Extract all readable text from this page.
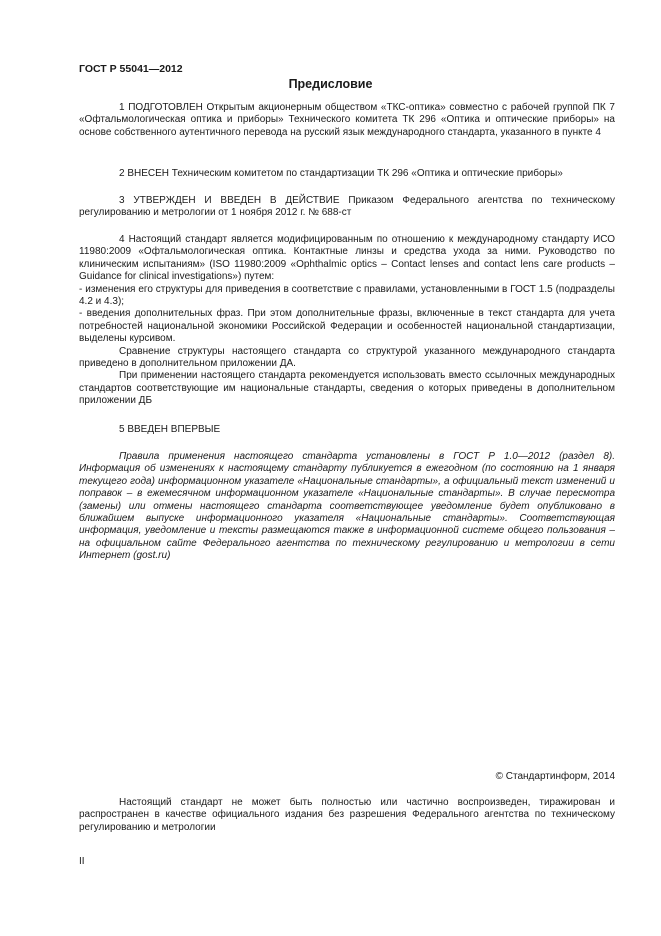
ГОСТ Р 55041—2012
Предисловие

1 ПОДГОТОВЛЕН Открытым акционерным обществом «ТКС-оптика» совместно с рабочей группой ПК 7 «Офтальмологическая оптика и приборы» Технического комитета ТК 296 «Оптика и оптические приборы» на основе собственного аутентичного перевода на русский язык международного стандарта, указанного в пункте 4

2 ВНЕСЕН Техническим комитетом по стандартизации ТК 296 «Оптика и оптические приборы»

3 УТВЕРЖДЕН И ВВЕДЕН В ДЕЙСТВИЕ Приказом Федерального агентства по техническому регулированию и метрологии от 1 ноября 2012 г. № 688-ст

4 Настоящий стандарт является модифицированным по отношению к международному стандарту ИСО 11980:2009 «Офтальмологическая оптика. Контактные линзы и средства ухода за ними. Руководство по клиническим испытаниям» (ISO 11980:2009 «Ophthalmic optics – Contact lenses and contact lens care products – Guidance for clinical investigations») путем:

- изменения его структуры для приведения в соответствие с правилами, установленными в ГОСТ 1.5 (подразделы 4.2 и 4.3);

- введения дополнительных фраз. При этом дополнительные фразы, включенные в текст стандарта для учета потребностей национальной экономики Российской Федерации и особенностей национальной стандартизации, выделены курсивом.

Сравнение структуры настоящего стандарта со структурой указанного международного стандарта приведено в дополнительном приложении ДА.

При применении настоящего стандарта рекомендуется использовать вместо ссылочных международных стандартов соответствующие им национальные стандарты, сведения о которых приведены в дополнительном приложении ДБ

5 ВВЕДЕН ВПЕРВЫЕ

Правила применения настоящего стандарта установлены в ГОСТ Р 1.0—2012 (раздел 8). Информация об изменениях к настоящему стандарту публикуется в ежегодном (по состоянию на 1 января текущего года) информационном указателе «Национальные стандарты», а официальный текст изменений и поправок – в ежемесячном информационном указателе «Национальные стандарты». В случае пересмотра (замены) или отмены настоящего стандарта соответствующее уведомление будет опубликовано в ближайшем выпуске информационного указателя «Национальные стандарты». Соответствующая информация, уведомление и тексты размещаются также в информационной системе общего пользования – на официальном сайте Федерального агентства по техническому регулированию и метрологии в сети Интернет (gost.ru)

© Стандартинформ, 2014

Настоящий стандарт не может быть полностью или частично воспроизведен, тиражирован и распространен в качестве официального издания без разрешения Федерального агентства по техническому регулированию и метрологии

II
